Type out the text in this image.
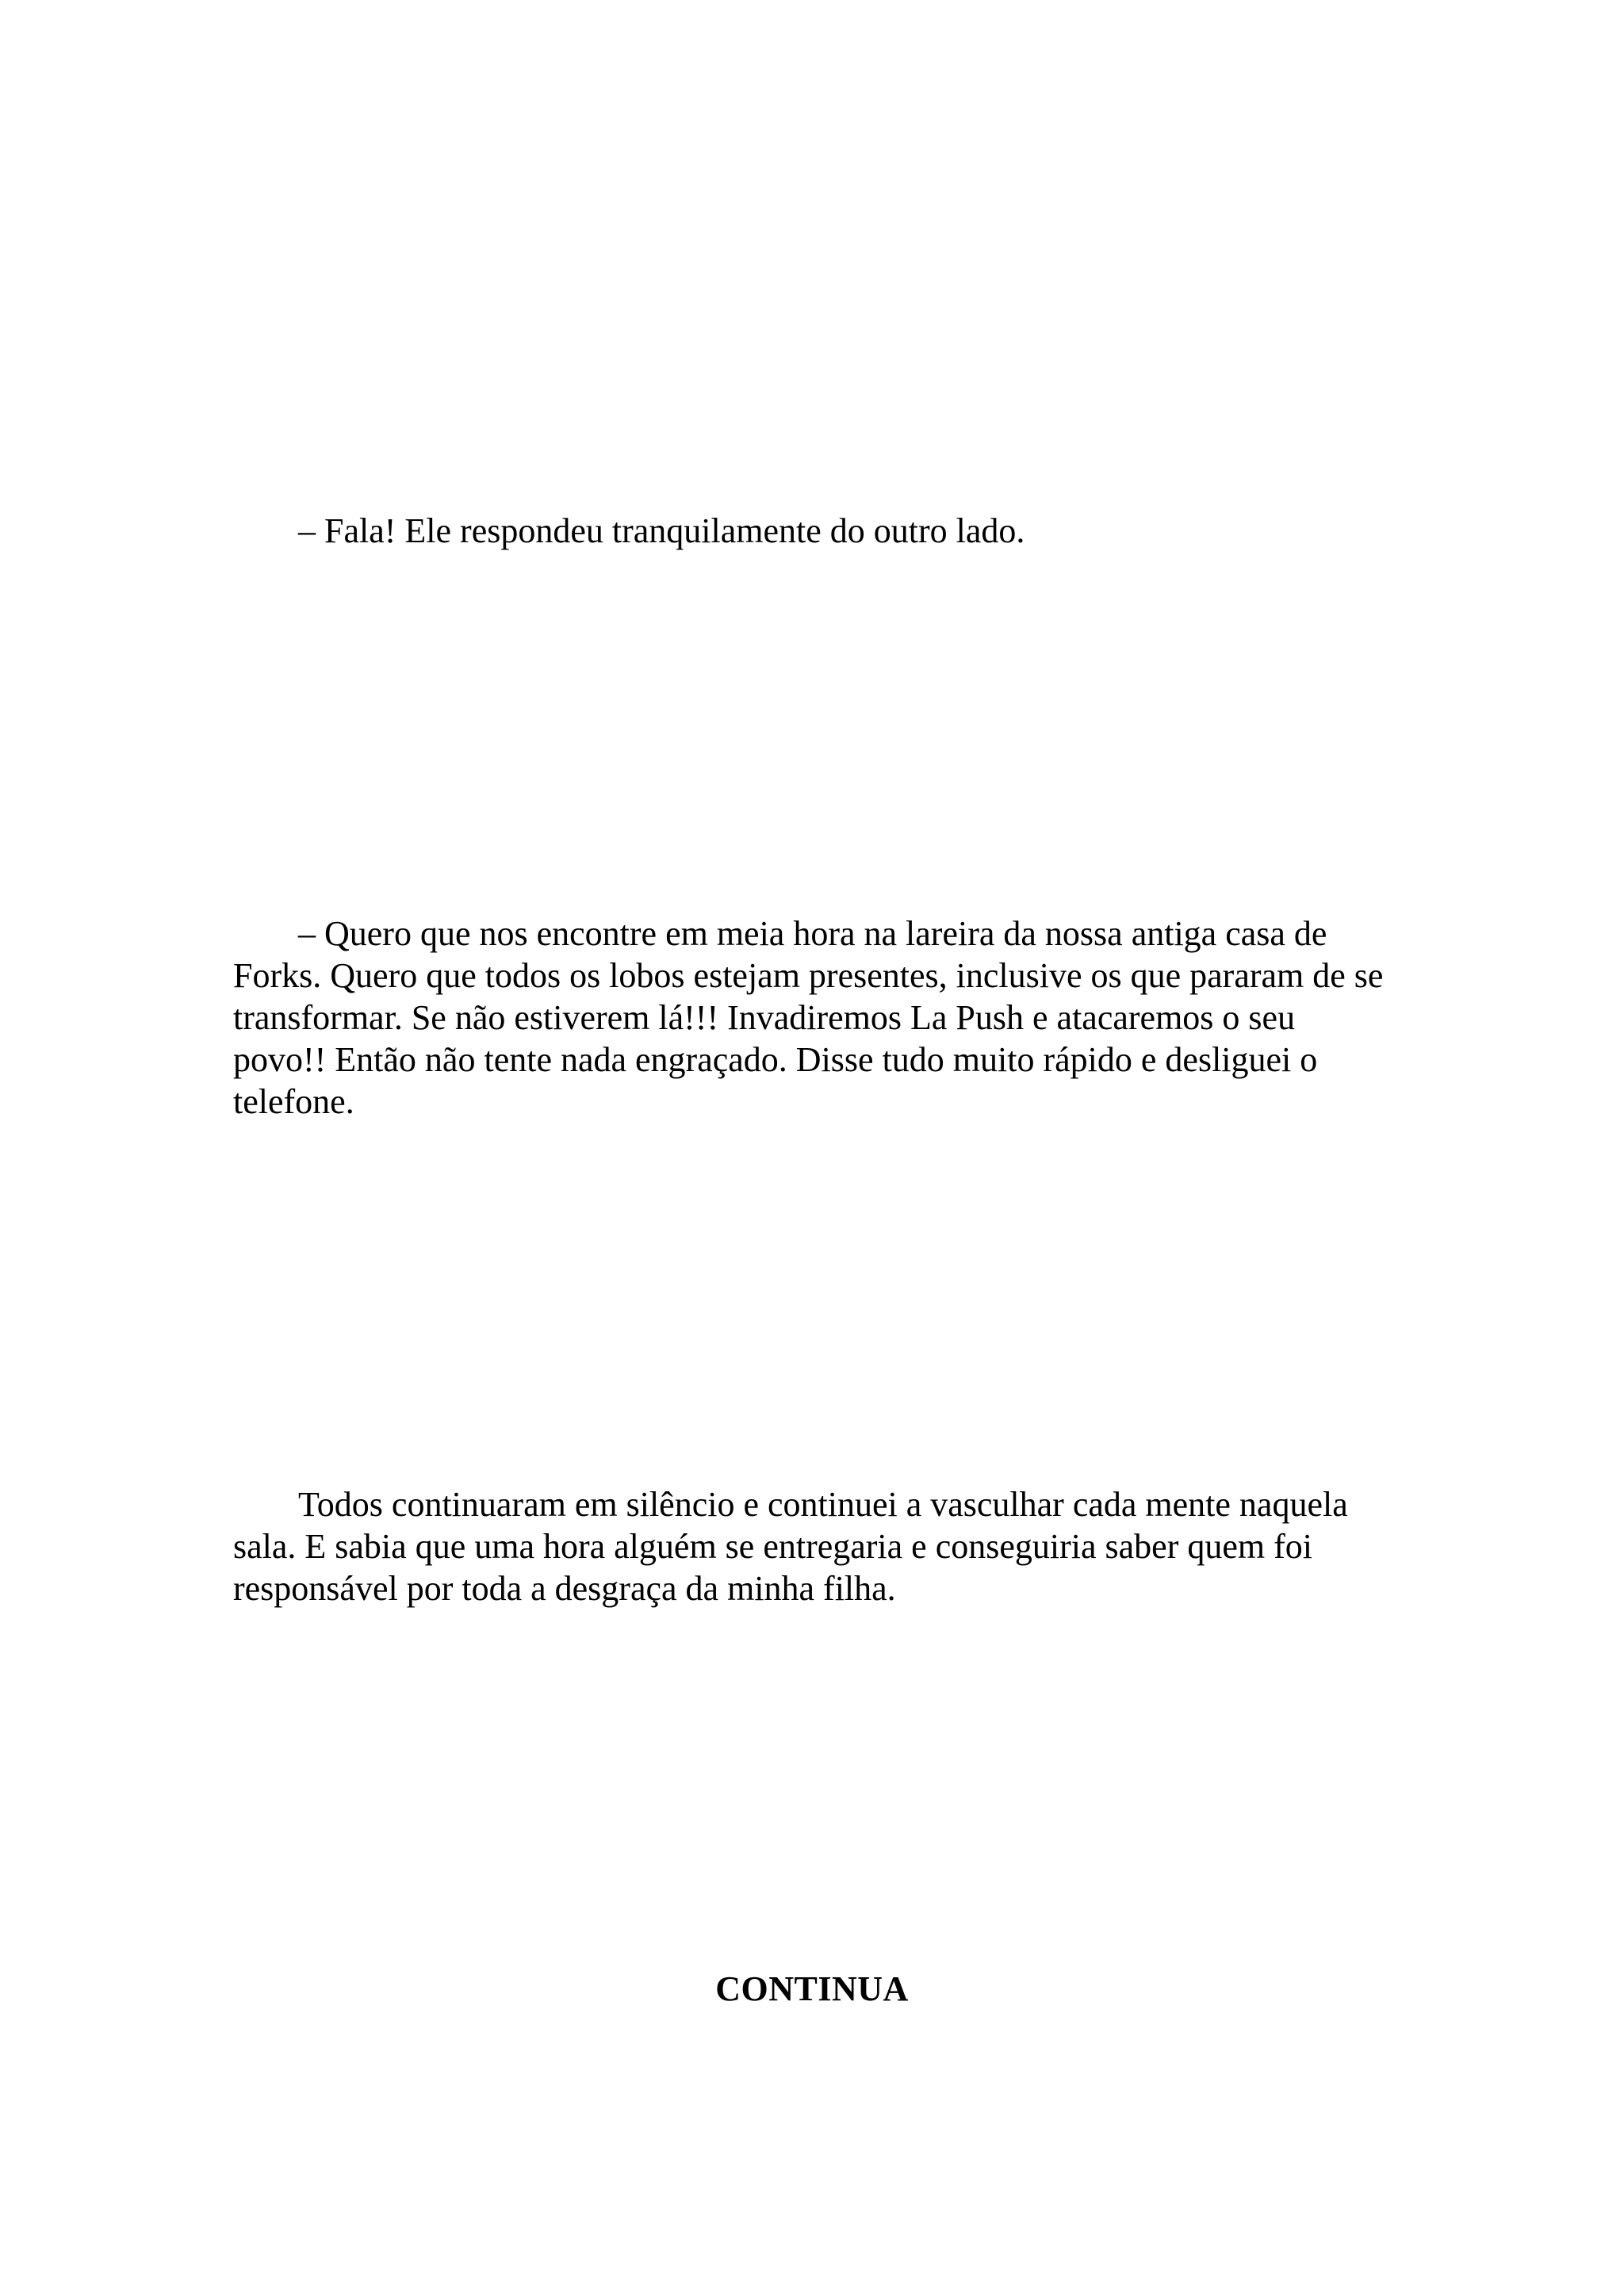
– Fala! Ele respondeu tranquilamente do outro lado.

– Quero que nos encontre em meia hora na lareira da nossa antiga casa de Forks. Quero que todos os lobos estejam presentes, inclusive os que pararam de se transformar. Se não estiverem lá!!! Invadiremos La Push e atacaremos o seu povo!! Então não tente nada engraçado. Disse tudo muito rápido e desliguei o telefone.

Todos continuaram em silêncio e continuei a vasculhar cada mente naquela sala. E sabia que uma hora alguém se entregaria e conseguiria saber quem foi responsável por toda a desgraça da minha filha.

CONTINUA
